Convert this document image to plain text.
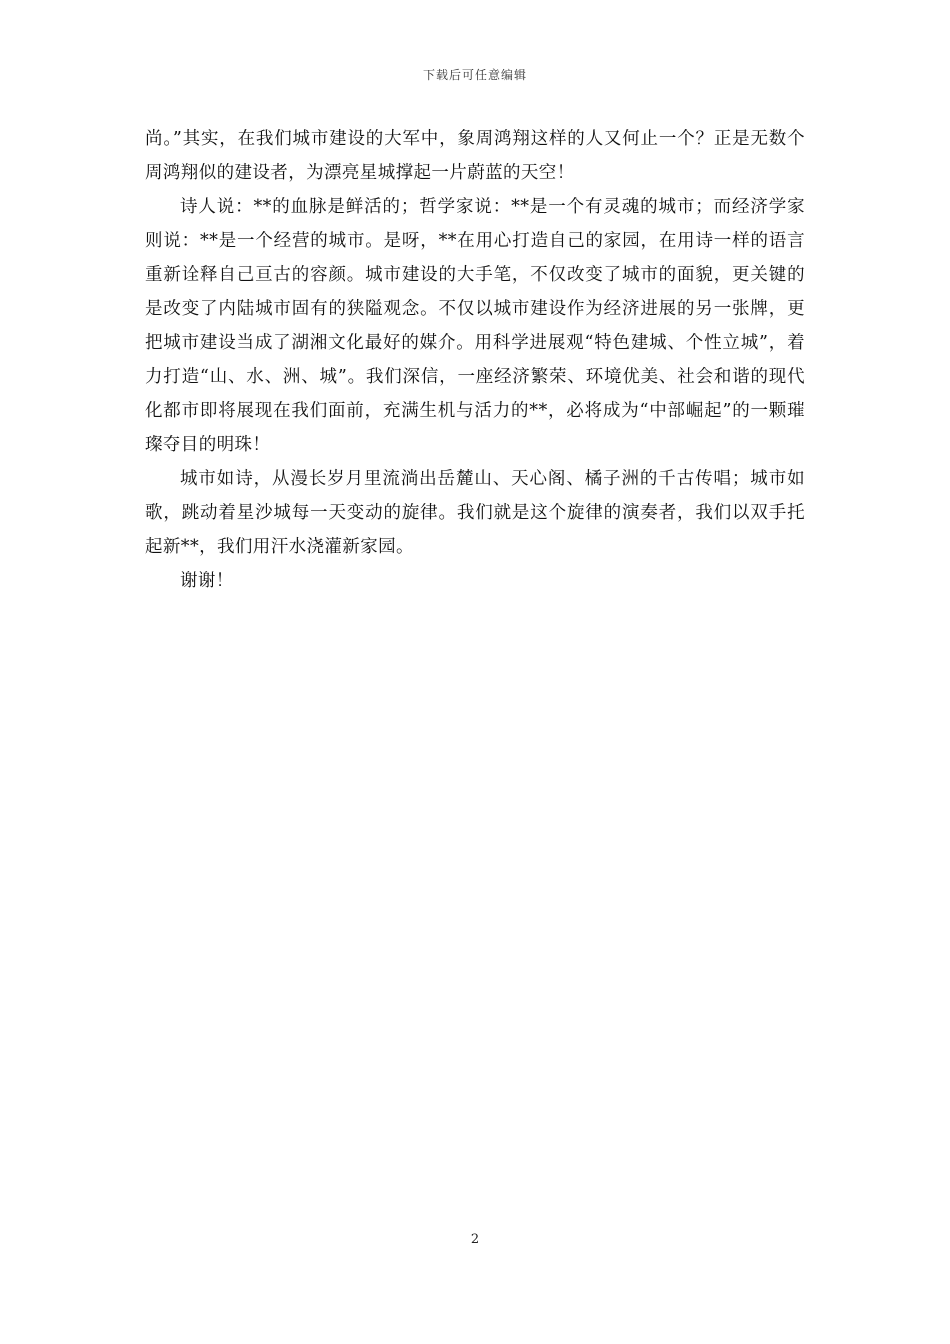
下载后可任意编辑

尚。”其实，在我们城市建设的大军中，象周鸿翔这样的人又何止一个？正是无数个周鸿翔似的建设者，为漂亮星城撑起一片蔚蓝的天空！

诗人说：**的血脉是鲜活的；哲学家说：**是一个有灵魂的城市；而经济学家则说：**是一个经营的城市。是呀，**在用心打造自己的家园，在用诗一样的语言重新诠释自己亘古的容颜。城市建设的大手笔，不仅改变了城市的面貌，更关键的是改变了内陆城市固有的狭隘观念。不仅以城市建设作为经济进展的另一张牌，更把城市建设当成了湖湘文化最好的媒介。用科学进展观“特色建城、个性立城”，着力打造“山、水、洲、城”。我们深信，一座经济繁荣、环境优美、社会和谐的现代化都市即将展现在我们面前，充满生机与活力的**，必将成为“中部崛起”的一颗璀璨夺目的明珠！

城市如诗，从漫长岁月里流淌出岳麓山、天心阁、橘子洲的千古传唱；城市如歌，跳动着星沙城每一天变动的旋律。我们就是这个旋律的演奏者，我们以双手托起新**，我们用汗水浇灌新家园。

谢谢！

2
